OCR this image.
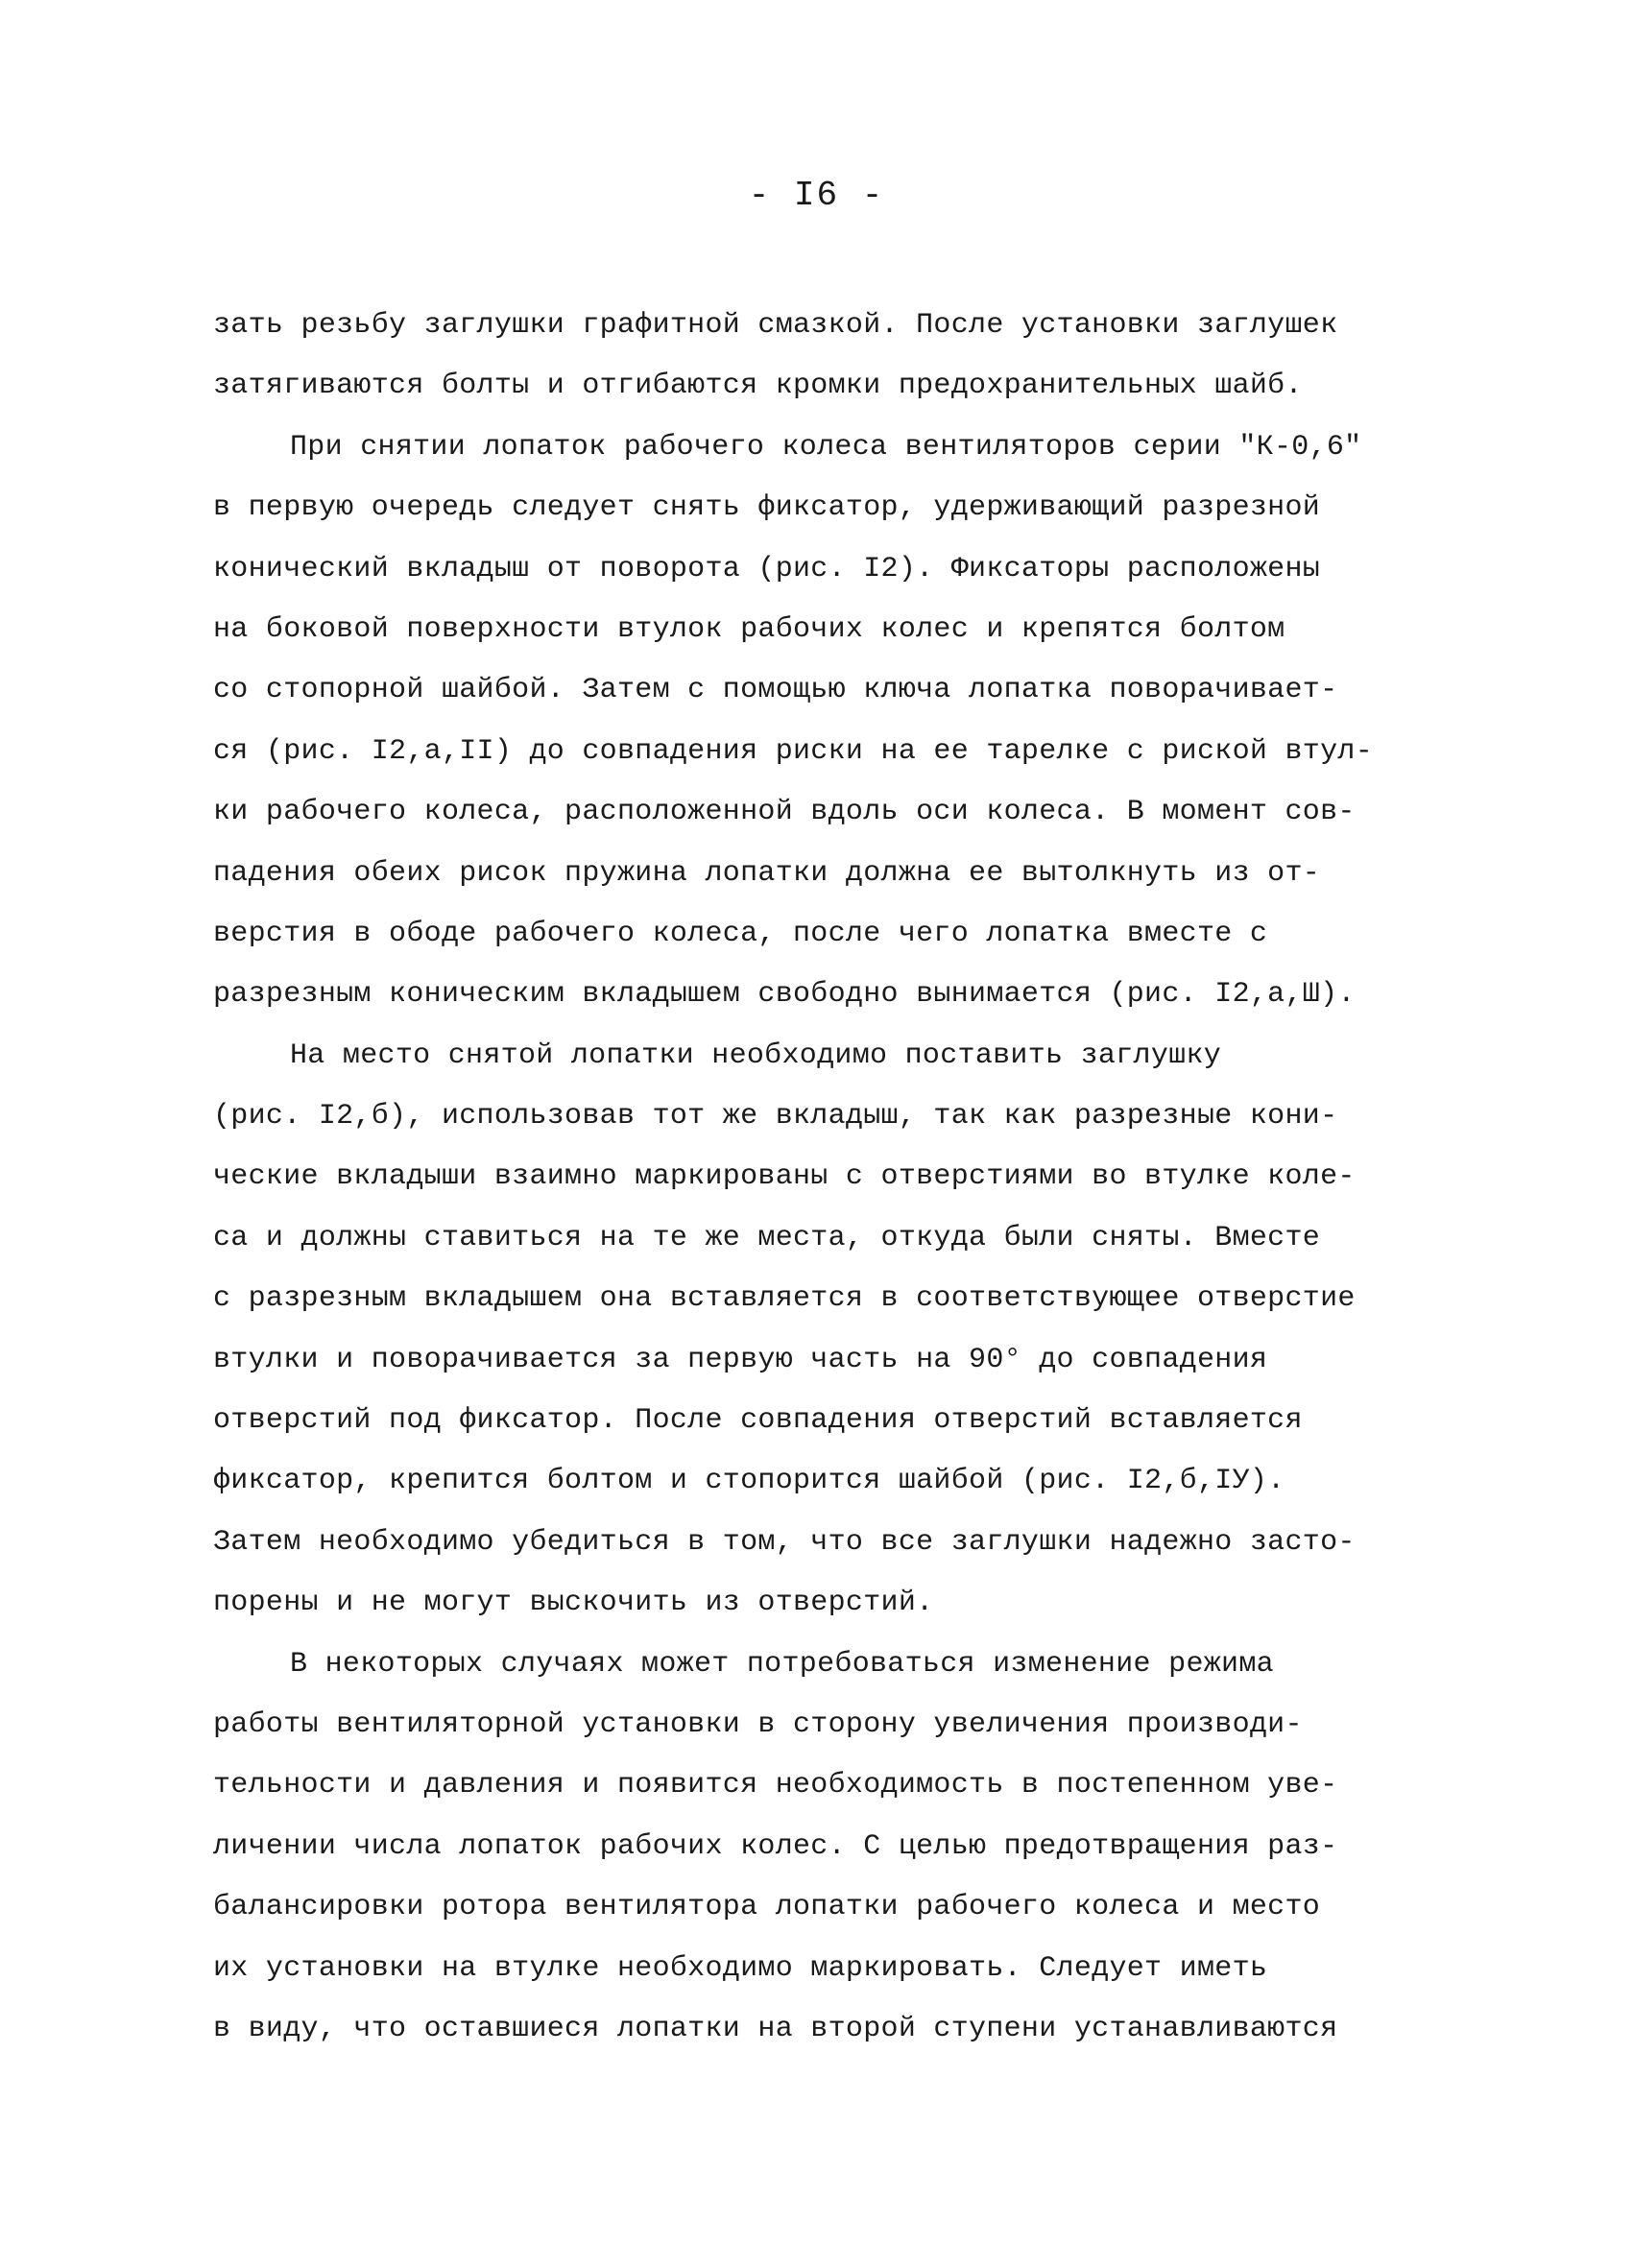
- I6 -
зать резьбу заглушки графитной смазкой. После установки заглушек
затягиваются болты и отгибаются кромки предохранительных шайб.
При снятии лопаток рабочего колеса вентиляторов серии "К-0,6"
в первую очередь следует снять фиксатор, удерживающий разрезной
конический вкладыш от поворота (рис. I2). Фиксаторы расположены
на боковой поверхности втулок рабочих колес и крепятся болтом
со стопорной шайбой. Затем с помощью ключа лопатка поворачивает-
ся (рис. I2,а,II) до совпадения риски на ее тарелке с риской втул-
ки рабочего колеса, расположенной вдоль оси колеса. В момент сов-
падения обеих рисок пружина лопатки должна ее вытолкнуть из от-
верстия в ободе рабочего колеса, после чего лопатка вместе с
разрезным коническим вкладышем свободно вынимается (рис. I2,а,Ш).
На место снятой лопатки необходимо поставить заглушку
(рис. I2,б), использовав тот же вкладыш, так как разрезные кони-
ческие вкладыши взаимно маркированы с отверстиями во втулке коле-
са и должны ставиться на те же места, откуда были сняты. Вместе
с разрезным вкладышем она вставляется в соответствующее отверстие
втулки и поворачивается за первую часть на 90° до совпадения
отверстий под фиксатор. После совпадения отверстий вставляется
фиксатор, крепится болтом и стопорится шайбой (рис. I2,б,IУ).
Затем необходимо убедиться в том, что все заглушки надежно засто-
порены и не могут выскочить из отверстий.
В некоторых случаях может потребоваться изменение режима
работы вентиляторной установки в сторону увеличения производи-
тельности и давления и появится необходимость в постепенном уве-
личении числа лопаток рабочих колес. С целью предотвращения раз-
балансировки ротора вентилятора лопатки рабочего колеса и место
их установки на втулке необходимо маркировать. Следует иметь
в виду, что оставшиеся лопатки на второй ступени устанавливаются
